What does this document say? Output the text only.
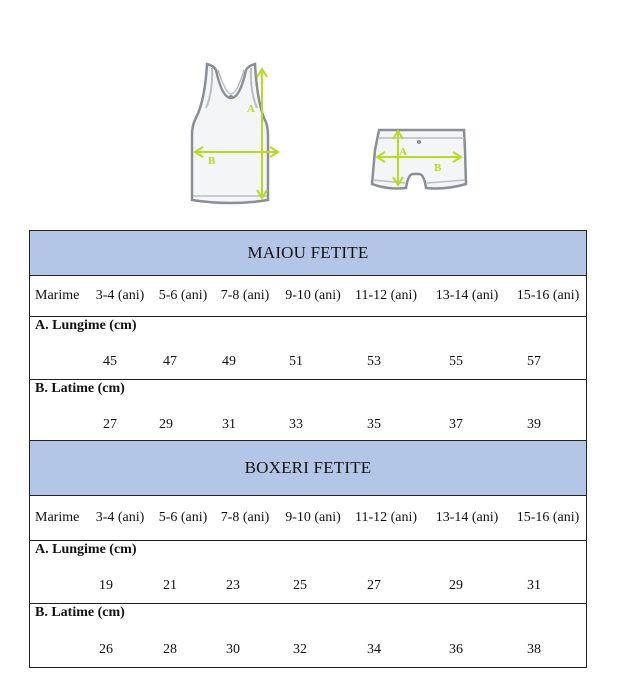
A
B
A
B
MAIOU FETITE
Marime 3-4 (ani) 5-6 (ani) 7-8 (ani) 9-10 (ani) 11-12 (ani) 13-14 (ani) 15-16 (ani)
A. Lungime (cm)
45	47	49	51	53	55	57
B. Latime (cm)
27	29	31	33	35	37	39
BOXERI FETITE
Marime 3-4 (ani) 5-6 (ani) 7-8 (ani) 9-10 (ani) 11-12 (ani) 13-14 (ani) 15-16 (ani)
A. Lungime (cm)
19	21	23	25	27	29	31
B. Latime (cm)
26	28	30	32	34	36	38
